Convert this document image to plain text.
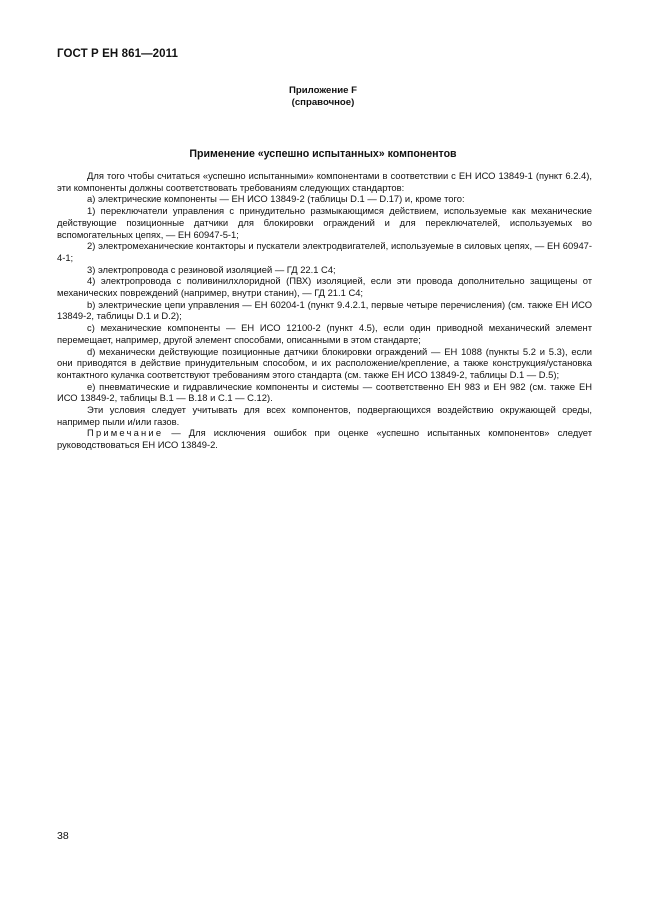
ГОСТ Р ЕН 861—2011
Приложение F
(справочное)
Применение «успешно испытанных» компонентов

Для того чтобы считаться «успешно испытанными» компонентами в соответствии с ЕН ИСО 13849-1 (пункт 6.2.4), эти компоненты должны соответствовать требованиям следующих стандартов:

a) электрические компоненты — ЕН ИСО 13849-2 (таблицы D.1 — D.17) и, кроме того:

1) переключатели управления с принудительно размыкающимся действием, используемые как механические действующие позиционные датчики для блокировки ограждений и для переключателей, используемых во вспомогательных цепях, — ЕН 60947-5-1;

2) электромеханические контакторы и пускатели электродвигателей, используемые в силовых цепях, — ЕН 60947-4-1;

3) электропровода с резиновой изоляцией — ГД 22.1 С4;

4) электропровода с поливинилхлоридной (ПВХ) изоляцией, если эти провода дополнительно защищены от механических повреждений (например, внутри станин), — ГД 21.1 С4;

b) электрические цепи управления — ЕН 60204-1 (пункт 9.4.2.1, первые четыре перечисления) (см. также ЕН ИСО 13849-2, таблицы D.1 и D.2);

c) механические компоненты — ЕН ИСО 12100-2 (пункт 4.5), если один приводной механический элемент перемещает, например, другой элемент способами, описанными в этом стандарте;

d) механически действующие позиционные датчики блокировки ограждений — ЕН 1088 (пункты 5.2 и 5.3), если они приводятся в действие принудительным способом, и их расположение/крепление, а также конструкция/установка контактного кулачка соответствуют требованиям этого стандарта (см. также ЕН ИСО 13849-2, таблицы D.1 — D.5);

e) пневматические и гидравлические компоненты и системы — соответственно ЕН 983 и ЕН 982 (см. также ЕН ИСО 13849-2, таблицы В.1 — В.18 и С.1 — С.12).

Эти условия следует учитывать для всех компонентов, подвергающихся воздействию окружающей среды, например пыли и/или газов.

Примечание — Для исключения ошибок при оценке «успешно испытанных компонентов» следует руководствоваться ЕН ИСО 13849-2.

38
